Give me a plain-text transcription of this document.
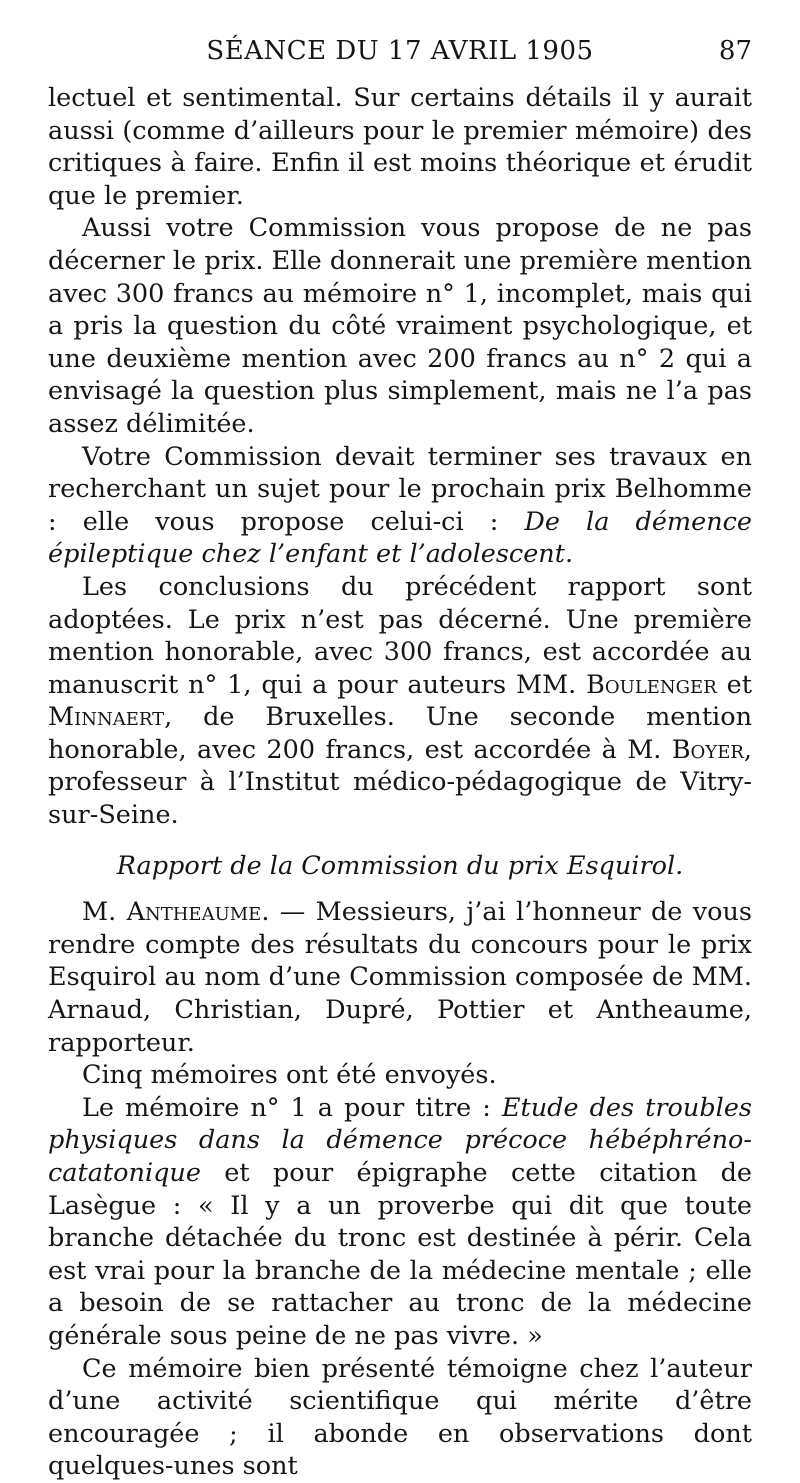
SÉANCE DU 17 AVRIL 1905	87

lectuel et sentimental. Sur certains détails il y aurait aussi (comme d’ailleurs pour le premier mémoire) des critiques à faire. Enfin il est moins théorique et érudit que le premier.

Aussi votre Commission vous propose de ne pas décerner le prix. Elle donnerait une première mention avec 300 francs au mémoire n° 1, incomplet, mais qui a pris la question du côté vraiment psychologique, et une deuxième mention avec 200 francs au n° 2 qui a envisagé la question plus simplement, mais ne l’a pas assez délimitée.

Votre Commission devait terminer ses travaux en recherchant un sujet pour le prochain prix Belhomme : elle vous propose celui-ci : De la démence épileptique chez l’enfant et l’adolescent.

Les conclusions du précédent rapport sont adoptées. Le prix n’est pas décerné. Une première mention honorable, avec 300 francs, est accordée au manuscrit n° 1, qui a pour auteurs MM. Boulenger et Minnaert, de Bruxelles. Une seconde mention honorable, avec 200 francs, est accordée à M. Boyer, professeur à l’Institut médico-pédagogique de Vitry-sur-Seine.

Rapport de la Commission du prix Esquirol.

M. Antheaume. — Messieurs, j’ai l’honneur de vous rendre compte des résultats du concours pour le prix Esquirol au nom d’une Commission composée de MM. Arnaud, Christian, Dupré, Pottier et Antheaume, rapporteur.

Cinq mémoires ont été envoyés.

Le mémoire n° 1 a pour titre : Etude des troubles physiques dans la démence précoce hébéphréno-catatonique et pour épigraphe cette citation de Lasègue : « Il y a un proverbe qui dit que toute branche détachée du tronc est destinée à périr. Cela est vrai pour la branche de la médecine mentale ; elle a besoin de se rattacher au tronc de la médecine générale sous peine de ne pas vivre. »

Ce mémoire bien présenté témoigne chez l’auteur d’une activité scientifique qui mérite d’être encouragée ; il abonde en observations dont quelques-unes sont
